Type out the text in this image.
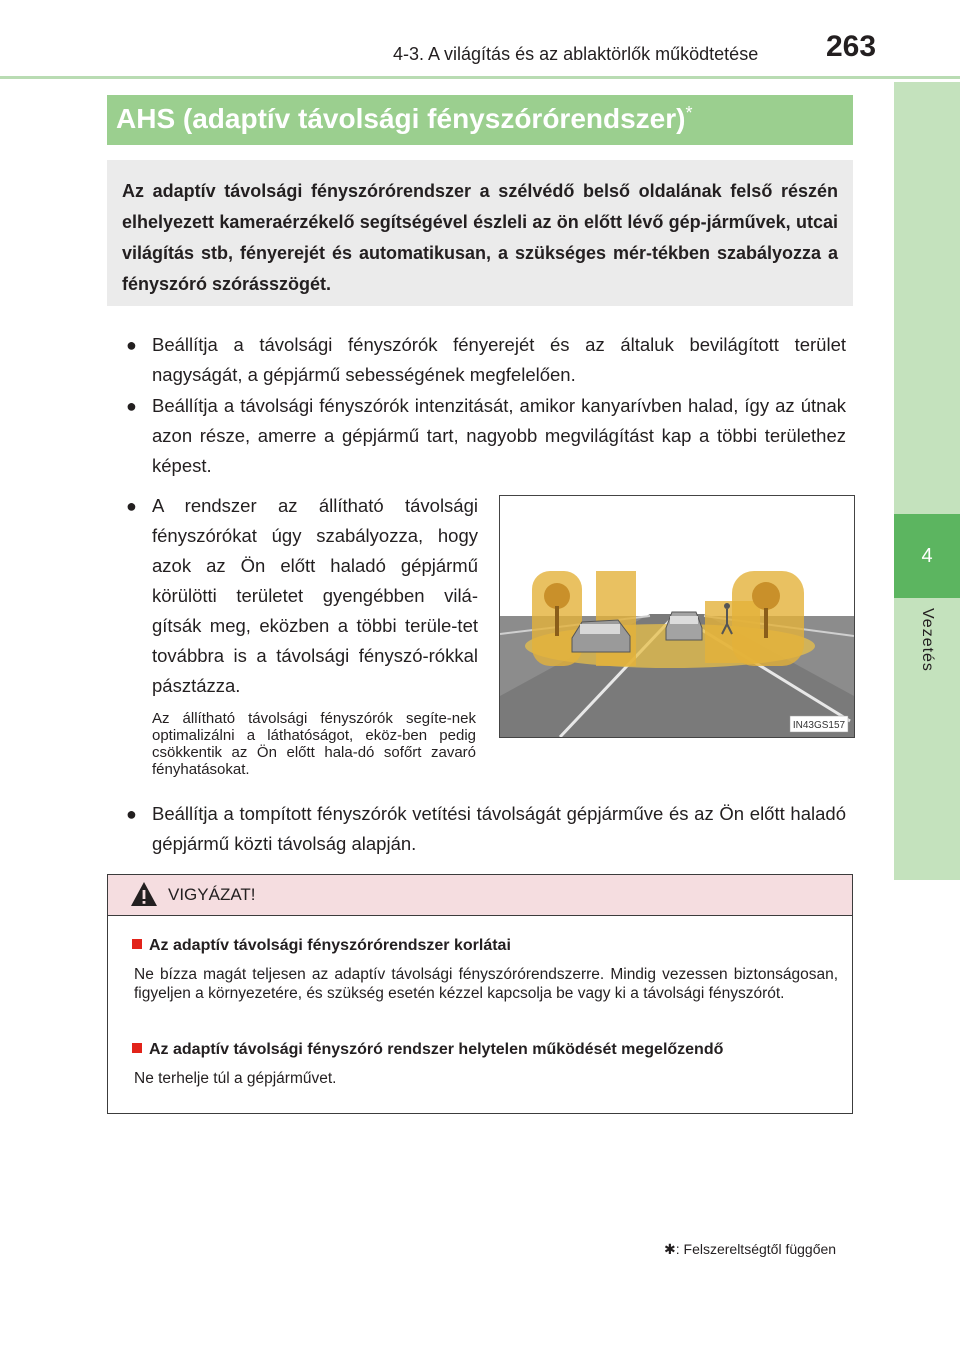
4-3. A világítás és az ablaktörlők működtetése 263
4
Vezetés
AHS (adaptív távolsági fényszórórendszer)*
Az adaptív távolsági fényszórórendszer a szélvédő belső oldalának felső részén elhelyezett kameraérzékelő segítségével észleli az ön előtt lévő gép-járművek, utcai világítás stb, fényerejét és automatikusan, a szükséges mér-tékben szabályozza a fényszóró szórásszögét.
● Beállítja a távolsági fényszórók fényerejét és az általuk bevilágított terület nagyságát, a gépjármű sebességének megfelelően.
● Beállítja a távolsági fényszórók intenzitását, amikor kanyarívben halad, így az útnak azon része, amerre a gépjármű tart, nagyobb megvilágítást kap a többi területhez képest.
● A rendszer az állítható távolsági fényszórókat úgy szabályozza, hogy azok az Ön előtt haladó gépjármű körülötti területet gyengébben vilá-gítsák meg, eközben a többi terüle-tet továbbra is a távolsági fényszó-rókkal pásztázza.
Az állítható távolsági fényszórók segíte-nek optimalizálni a láthatóságot, eköz-ben pedig csökkentik az Ön előtt hala-dó sofőrt zavaró fényhatásokat.
IN43GS157
● Beállítja a tompított fényszórók vetítési távolságát gépjárművе és az Ön előtt haladó gépjármű közti távolság alapján.
VIGYÁZAT!
Az adaptív távolsági fényszórórendszer korlátai
Ne bízza magát teljesen az adaptív távolsági fényszórórendszerre. Mindig vezessen biztonságosan, figyeljen a környezetére, és szükség esetén kézzel kapcsolja be vagy ki a távolsági fényszórót.
Az adaptív távolsági fényszóró rendszer helytelen működését megelőzendő
Ne terhelje túl a gépjárművet.
✱: Felszereltségtől függően
